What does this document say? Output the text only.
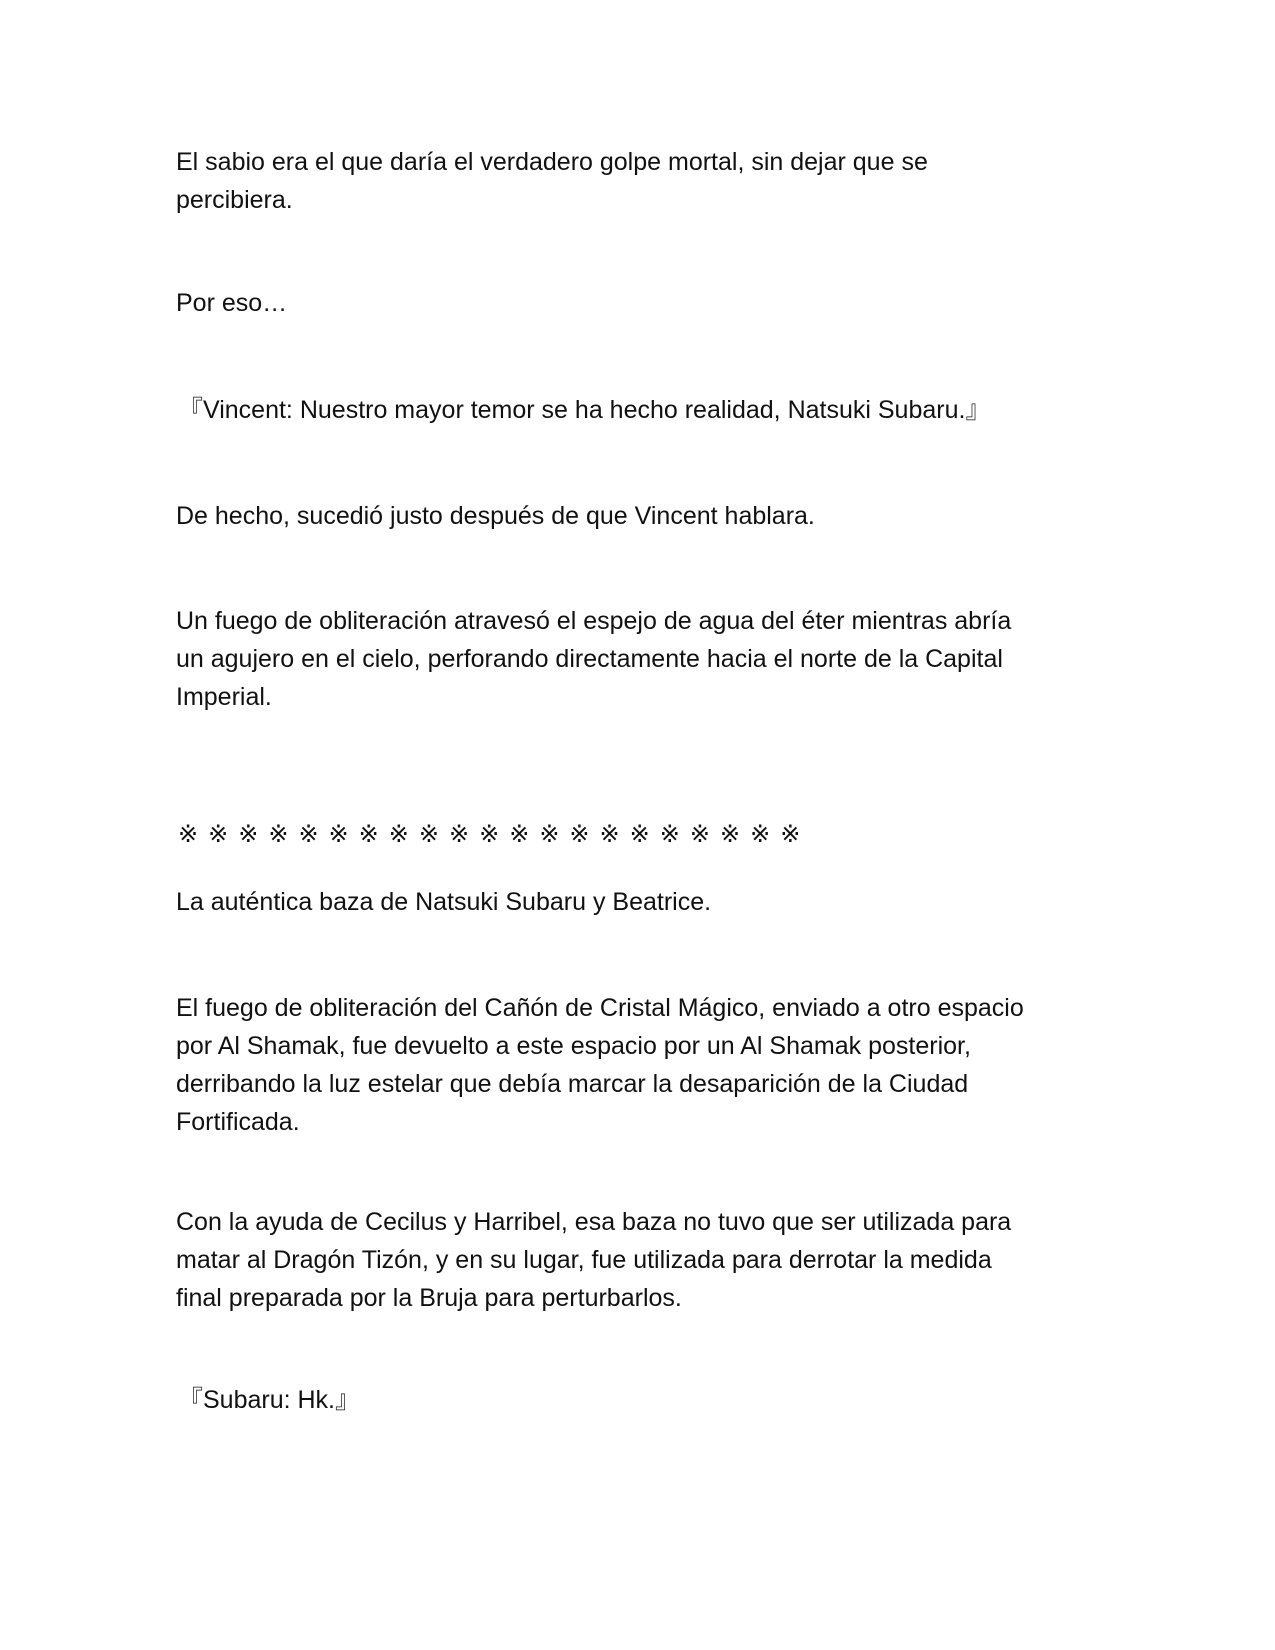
El sabio era el que daría el verdadero golpe mortal, sin dejar que se
percibiera.

Por eso…

『Vincent: Nuestro mayor temor se ha hecho realidad, Natsuki Subaru.』

De hecho, sucedió justo después de que Vincent hablara.

Un fuego de obliteración atravesó el espejo de agua del éter mientras abría
un agujero en el cielo, perforando directamente hacia el norte de la Capital
Imperial.

※※※※※※※※※※※※※※※※※※※※※

La auténtica baza de Natsuki Subaru y Beatrice.

El fuego de obliteración del Cañón de Cristal Mágico, enviado a otro espacio
por Al Shamak, fue devuelto a este espacio por un Al Shamak posterior,
derribando la luz estelar que debía marcar la desaparición de la Ciudad
Fortificada.

Con la ayuda de Cecilus y Harribel, esa baza no tuvo que ser utilizada para
matar al Dragón Tizón, y en su lugar, fue utilizada para derrotar la medida
final preparada por la Bruja para perturbarlos.

『Subaru: Hk.』
